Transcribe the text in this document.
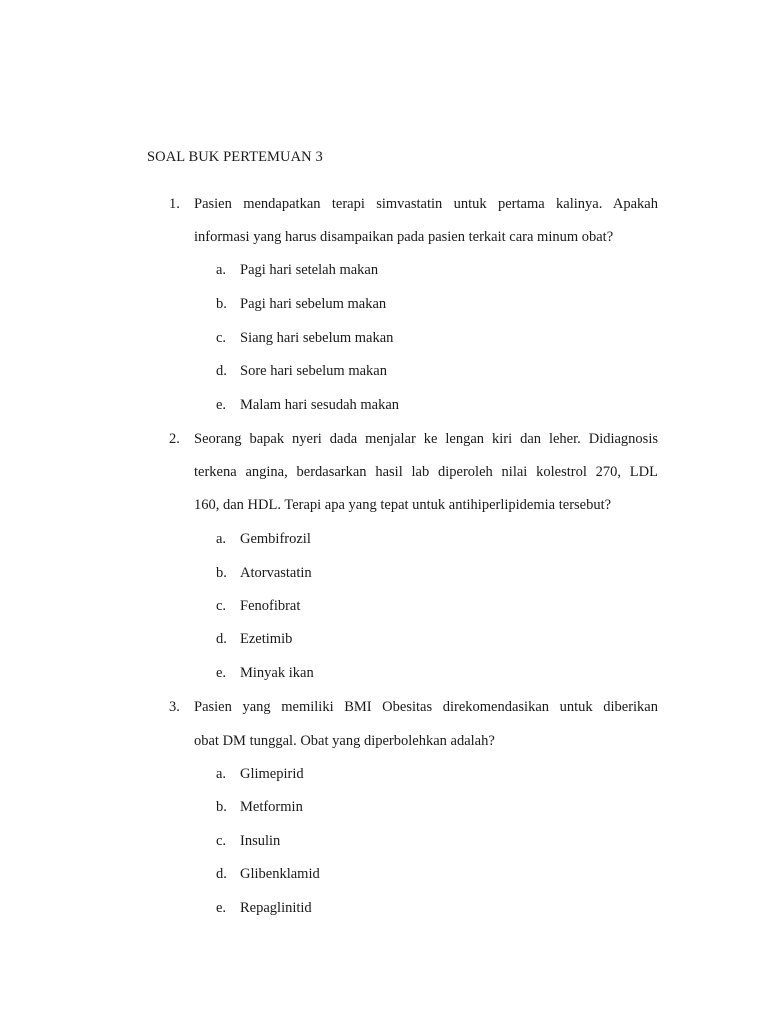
SOAL BUK PERTEMUAN 3
1. Pasien mendapatkan terapi simvastatin untuk pertama kalinya. Apakah
informasi yang harus disampaikan pada pasien terkait cara minum obat?
a. Pagi hari setelah makan
b. Pagi hari sebelum makan
c. Siang hari sebelum makan
d. Sore hari sebelum makan
e. Malam hari sesudah makan
2. Seorang bapak nyeri dada menjalar ke lengan kiri dan leher. Didiagnosis
terkena angina, berdasarkan hasil lab diperoleh nilai kolestrol 270, LDL
160, dan HDL. Terapi apa yang tepat untuk antihiperlipidemia tersebut?
a. Gembifrozil
b. Atorvastatin
c. Fenofibrat
d. Ezetimib
e. Minyak ikan
3. Pasien yang memiliki BMI Obesitas direkomendasikan untuk diberikan
obat DM tunggal. Obat yang diperbolehkan adalah?
a. Glimepirid
b. Metformin
c. Insulin
d. Glibenklamid
e. Repaglinitid
